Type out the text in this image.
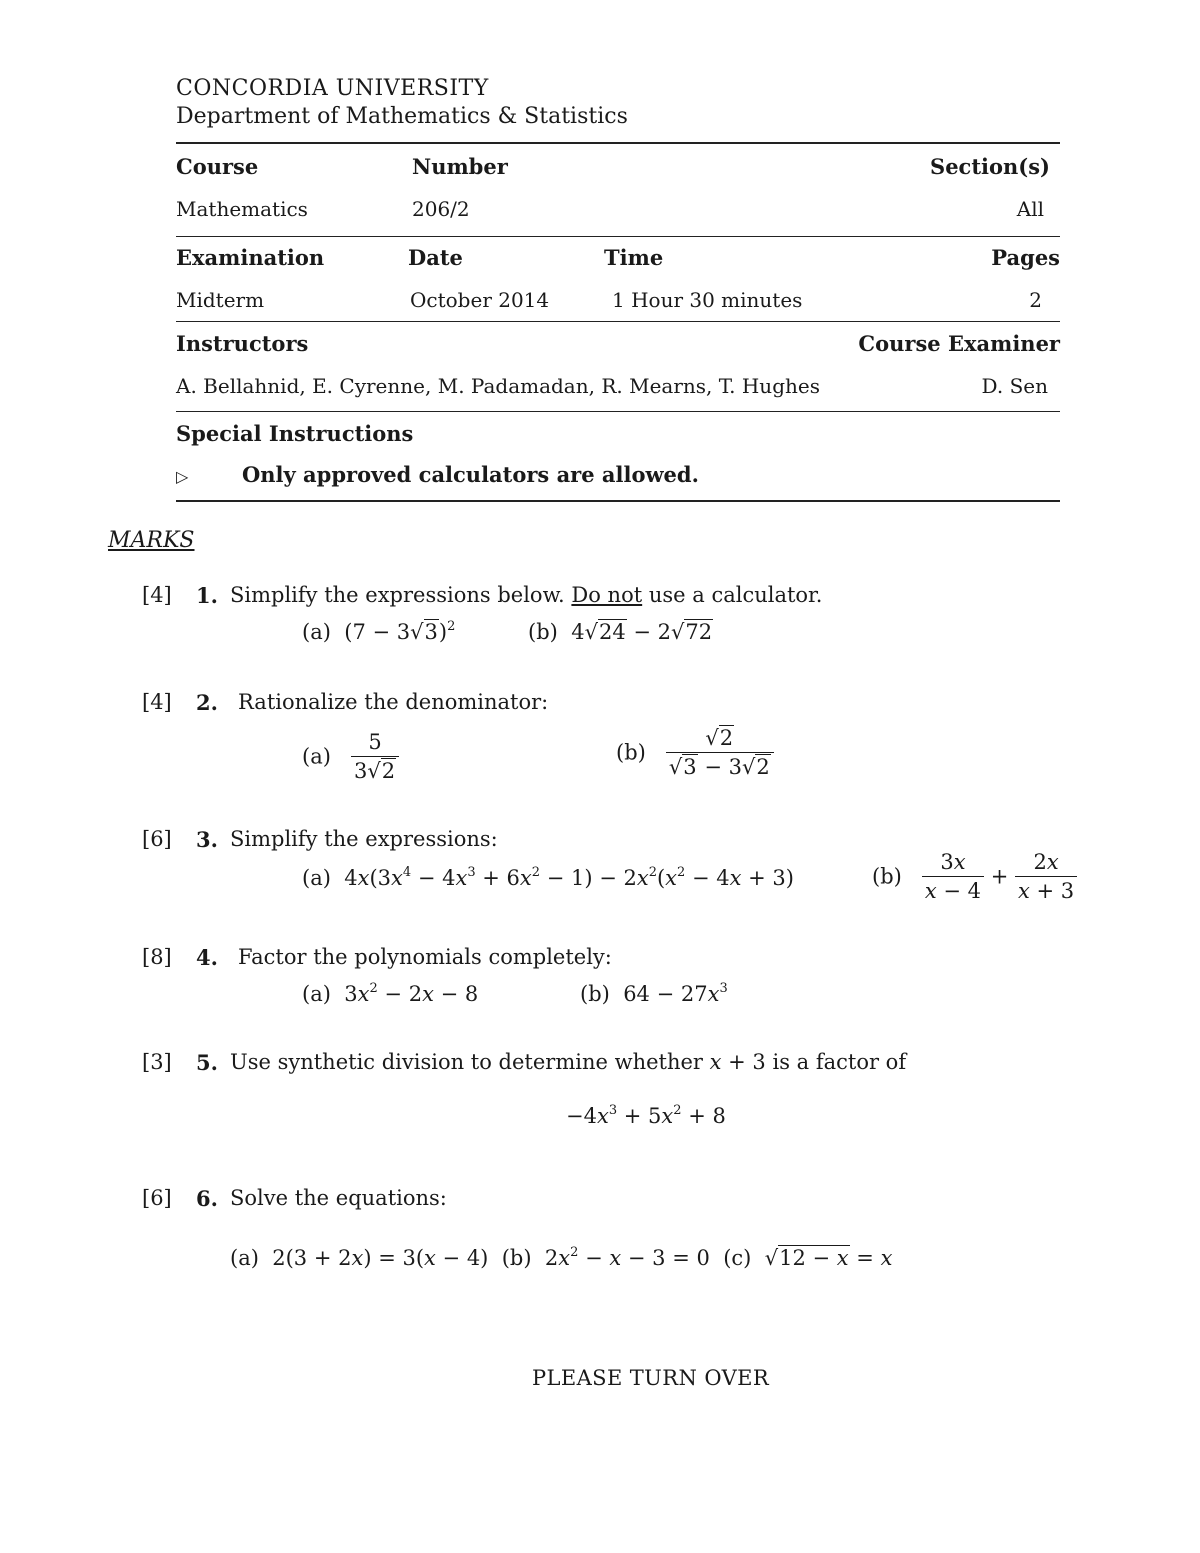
CONCORDIA UNIVERSITY
Department of Mathematics & Statistics
Course	Number	Section(s)
Mathematics	206/2	All
Examination	Date	Time	Pages
Midterm	October 2014	1 Hour 30 minutes	2
Instructors	Course Examiner
A. Bellahnid, E. Cyrenne, M. Padamadan, R. Mearns, T. Hughes	D. Sen
Special Instructions
▷	Only approved calculators are allowed.
MARKS
[4] 1. Simplify the expressions below. Do not use a calculator.
(a)  $(7 - 3√3)^2$	(b)  4√24 − 2√72
[4] 2. Rationalize the denominator:
$(a) \frac{5}{3√2}$	$(b) \frac{√2}{√3 - 3√2}$
[6] 3. Simplify the expressions:
(a)  $4x(3x^4 - 4x^3 + 6x^2 - 1) - 2x^2(x^2 - 4x + 3)$	$(b) \frac{3x}{x - 4} + \frac{2x}{x + 3}$
[8] 4. Factor the polynomials completely:
(a)  $3x^2 - 2x - 8$	(b)  $64 - 27x^3$
[3] 5. Use synthetic division to determine whether x + 3 is a factor of
$-4x^3 + 5x^2 + 8$
[6] 6. Solve the equations:
(a)  2(3 + 2x) = 3(x − 4)  (b)  $2x^2 - x - 3 = 0$  (c) √12 − x = x
PLEASE TURN OVER
